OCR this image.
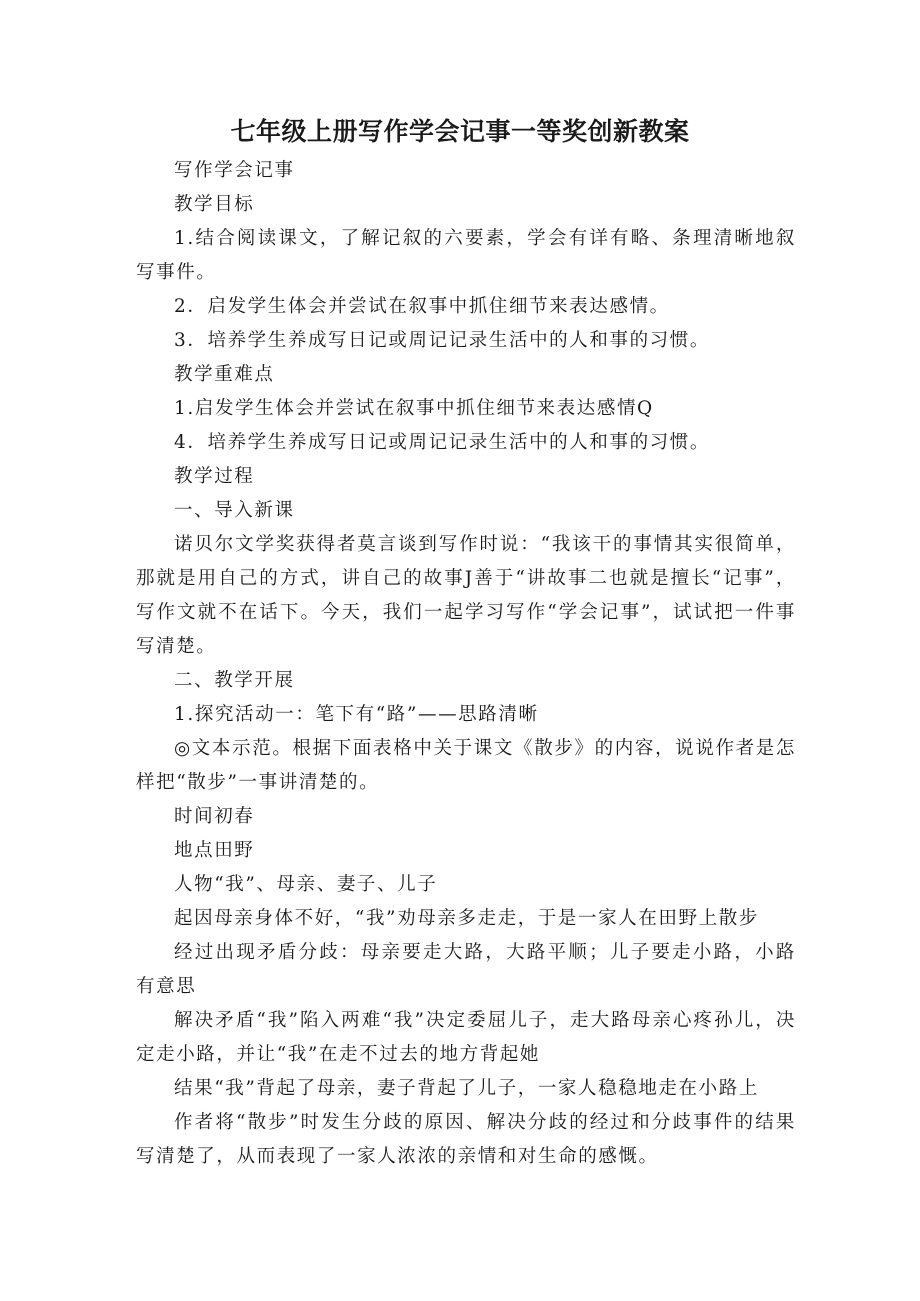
七年级上册写作学会记事一等奖创新教案

写作学会记事

教学目标

1.结合阅读课文，了解记叙的六要素，学会有详有略、条理清晰地叙写事件。

2．启发学生体会并尝试在叙事中抓住细节来表达感情。

3．培养学生养成写日记或周记记录生活中的人和事的习惯。

教学重难点

1.启发学生体会并尝试在叙事中抓住细节来表达感情Q

4．培养学生养成写日记或周记记录生活中的人和事的习惯。

教学过程

一、导入新课

诺贝尔文学奖获得者莫言谈到写作时说：“我该干的事情其实很简单，那就是用自己的方式，讲自己的故事J善于“讲故事二也就是擅长“记事”，写作文就不在话下。今天，我们一起学习写作“学会记事”，试试把一件事写清楚。

二、教学开展

1.探究活动一：笔下有“路”——思路清晰

◎文本示范。根据下面表格中关于课文《散步》的内容，说说作者是怎样把“散步”一事讲清楚的。

时间初春

地点田野

人物“我”、母亲、妻子、儿子

起因母亲身体不好，“我”劝母亲多走走，于是一家人在田野上散步

经过出现矛盾分歧：母亲要走大路，大路平顺；儿子要走小路，小路有意思

解决矛盾“我”陷入两难“我”决定委屈儿子，走大路母亲心疼孙儿，决定走小路，并让“我”在走不过去的地方背起她

结果“我”背起了母亲，妻子背起了儿子，一家人稳稳地走在小路上

作者将“散步”时发生分歧的原因、解决分歧的经过和分歧事件的结果写清楚了，从而表现了一家人浓浓的亲情和对生命的感慨。
